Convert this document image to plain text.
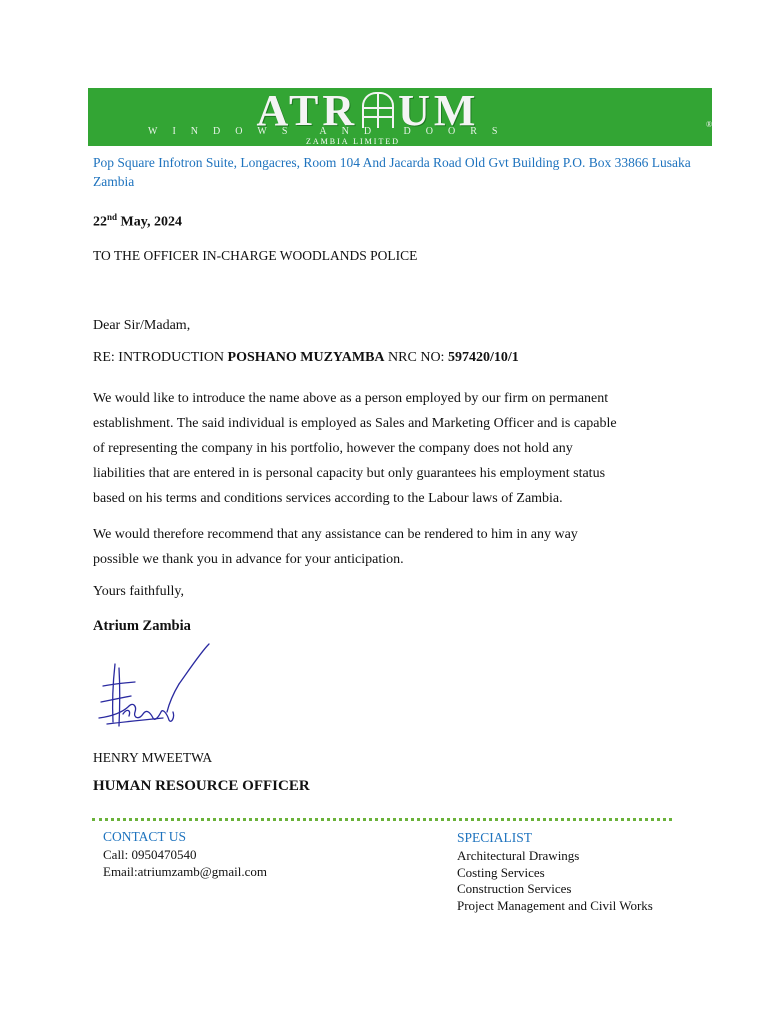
ATR UM
WINDOWS AND DOORS
®
ZAMBIA LIMITED
Pop Square Infotron Suite, Longacres, Room 104 And Jacarda Road Old Gvt Building P.O. Box 33866 Lusaka Zambia
22nd May, 2024
TO THE OFFICER IN-CHARGE WOODLANDS POLICE
Dear Sir/Madam,
RE: INTRODUCTION POSHANO MUZYAMBA NRC NO: 597420/10/1
We would like to introduce the name above as a person employed by our firm on permanent
establishment. The said individual is employed as Sales and Marketing Officer and is capable
of representing the company in his portfolio, however the company does not hold any
liabilities that are entered in is personal capacity but only guarantees his employment status
based on his terms and conditions services according to the Labour laws of Zambia.
We would therefore recommend that any assistance can be rendered to him in any way
possible we thank you in advance for your anticipation.
Yours faithfully,
Atrium Zambia
HENRY MWEETWA
HUMAN RESOURCE OFFICER
CONTACT US
Call: 0950470540
Email:atriumzamb@gmail.com
SPECIALIST
Architectural Drawings
Costing Services
Construction Services
Project Management and Civil Works
